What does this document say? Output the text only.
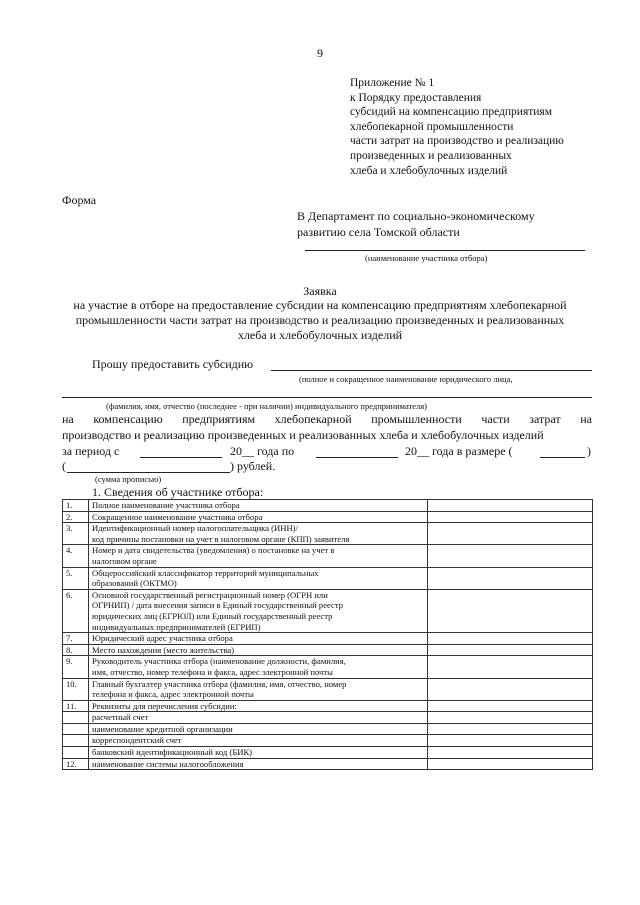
9
Приложение № 1
к Порядку предоставления
субсидий на компенсацию предприятиям
хлебопекарной промышленности
части затрат на производство и реализацию
произведенных и реализованных
хлеба и хлебобулочных изделий
Форма
В Департамент по социально-экономическому
развитию села Томской области
(наименование участника отбора)
Заявка
на участие в отборе на предоставление субсидии на компенсацию предприятиям хлебопекарной
промышленности части затрат на производство и реализацию произведенных и реализованных
хлеба и хлебобулочных изделий
Прошу предоставить субсидию
(полное и сокращенное наименование юридического лица,
(фамилия, имя, отчество (последнее - при наличии) индивидуального предпринимателя)
на компенсацию предприятиям хлебопекарной промышленности части затрат на
производство и реализацию произведенных и реализованных хлеба и хлебобулочных изделий
за период с	20__ года по	20__ года в размере (	)
(	) рублей.
(сумма прописью)
1. Сведения об участнике отбора:
1.	Полное наименование участника отбора	
2.	Сокращенное наименование участника отбора	
3.	Идентификационный номер налогоплательщика (ИНН)/
код причины постановки на учет в налоговом органе (КПП) заявителя	
4.	Номер и дата свидетельства (уведомления) о постановке на учет в
налоговом органе	
5.	Общероссийский классификатор территорий муниципальных
образований (ОКТМО)	
6.	Основной государственный регистрационный номер (ОГРН или
ОГРНИП) / дата внесения записи в Единый государственный реестр
юридических лиц (ЕГРЮЛ) или Единый государственный реестр
индивидуальных предпринимателей (ЕГРИП)	
7.	Юридический адрес участника отбора	
8.	Место нахождения (место жительства)	
9.	Руководитель участника отбора (наименование должности, фамилия,
имя, отчество, номер телефона и факса, адрес электронной почты	
10.	Главный бухгалтер участника отбора (фамилия, имя, отчество, номер
телефона и факса, адрес электронной почты	
11.	Реквизиты для перечисления субсидии:	
	расчетный счет	
	наименование кредитной организации	
	корреспондентский счет	
	банковский идентификационный код (БИК)	
12.	наименование системы налогообложения	
